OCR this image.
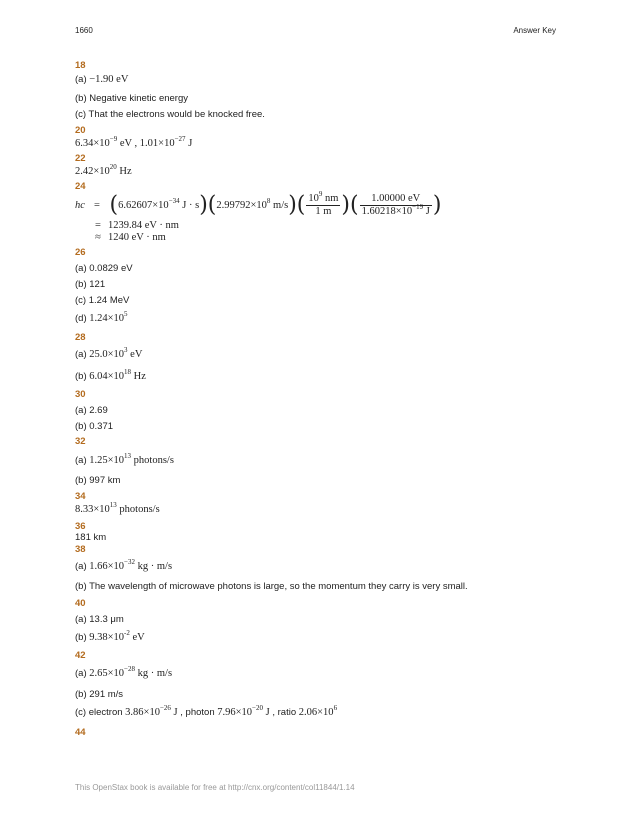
1660	Answer Key
18
(a) −1.90 eV
(b) Negative kinetic energy
(c) That the electrons would be knocked free.
20
$6.34\times 10^{-9}$ eV , $1.01\times 10^{-27}$ J
22
$2.42\times 10^{20}$ Hz
24
hc = ($6.62607\times 10^{-34}$ $J \cdot s)(2.99792\times 10^8$ $m/s)( \frac{10^9 nm}{1 m}$ )( $\frac{1.00000 eV}{1.60218\times 10^{-19} J}$ )
= 1239.84 eV · nm
≈ 1240 eV · nm
26
(a) 0.0829 eV
(b) 121
(c) 1.24 MeV
(d) $1.24\times 10^5$
28
(a) $25.0\times 10^3$ eV
(b) $6.04\times 10^{18}$ Hz
30
(a) 2.69
(b) 0.371
32
(a) $1.25\times 10^{13}$ photons/s
(b) 997 km
34
$8.33\times 10^{13}$ photons/s
36
181 km
38
(a) $1.66\times 10^{-32}$ kg · m/s
(b) The wavelength of microwave photons is large, so the momentum they carry is very small.
40
(a) 13.3 μm
(b) $9.38\times 10^{-2}$ eV
42
(a) $2.65\times 10^{-28}$ kg · m/s
(b) 291 m/s
(c) electron $3.86\times 10^{-26}$ J , photon $7.96\times 10^{-20}$ J , ratio $2.06\times 10^6$
44
This OpenStax book is available for free at http://cnx.org/content/col11844/1.14
